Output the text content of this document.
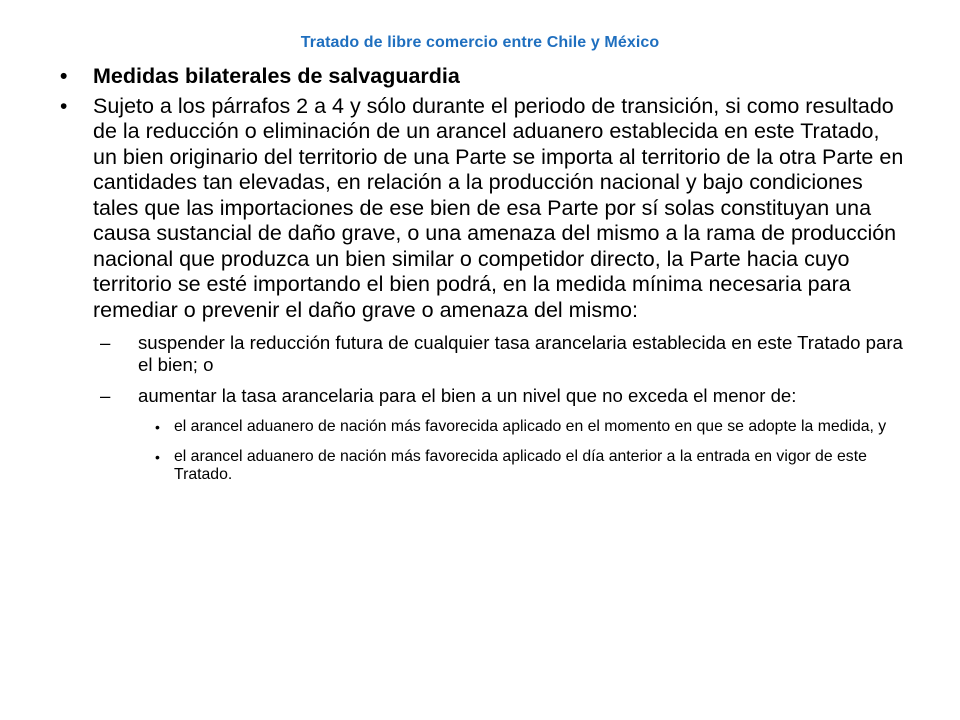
Tratado de libre comercio entre Chile y México
• Medidas bilaterales de salvaguardia
• Sujeto a los párrafos 2 a 4 y sólo durante el periodo de transición, si como resultado de la reducción o eliminación de un arancel aduanero establecida en este Tratado, un bien originario del territorio de una Parte se importa al territorio de la otra Parte en cantidades tan elevadas, en relación a la producción nacional y bajo condiciones tales que las importaciones de ese bien de esa Parte por sí solas constituyan una causa sustancial de daño grave, o una amenaza del mismo a la rama de producción nacional que produzca un bien similar o competidor directo, la Parte hacia cuyo territorio se esté importando el bien podrá, en la medida mínima necesaria para remediar o prevenir el daño grave o amenaza del mismo:
– suspender la reducción futura de cualquier tasa arancelaria establecida en este Tratado para el bien; o
– aumentar la tasa arancelaria para el bien a un nivel que no exceda el menor de:
• el arancel aduanero de nación más favorecida aplicado en el momento en que se adopte la medida, y
• el arancel aduanero de nación más favorecida aplicado el día anterior a la entrada en vigor de este Tratado.
